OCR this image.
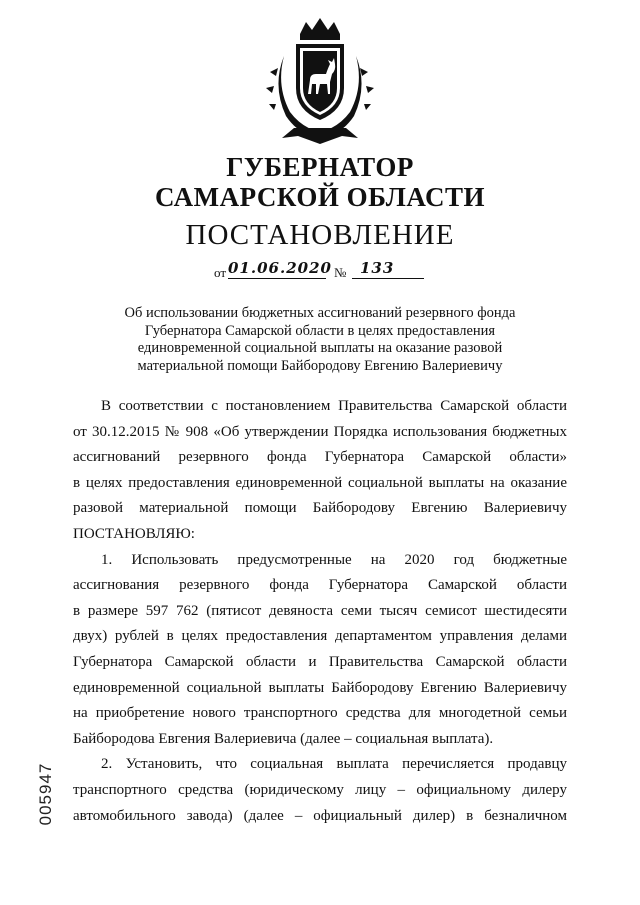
ГУБЕРНАТОР
САМАРСКОЙ ОБЛАСТИ
ПОСТАНОВЛЕНИЕ
от 01.06.2020 № 133
Об использовании бюджетных ассигнований резервного фонда
Губернатора Самарской области в целях предоставления
единовременной социальной выплаты на оказание разовой
материальной помощи Байбородову Евгению Валериевичу

В соответствии с постановлением Правительства Самарской области

от 30.12.2015 № 908 «Об утверждении Порядка использования бюджетных

ассигнований резервного фонда Губернатора Самарской области»

в целях предоставления единовременной социальной выплаты на оказание

разовой материальной помощи Байбородову Евгению Валериевичу

ПОСТАНОВЛЯЮ:

1. Использовать предусмотренные на 2020 год бюджетные

ассигнования резервного фонда Губернатора Самарской области

в размере 597 762 (пятисот девяноста семи тысяч семисот шестидесяти

двух) рублей в целях предоставления департаментом управления делами

Губернатора Самарской области и Правительства Самарской области

единовременной социальной выплаты Байбородову Евгению Валериевичу

на приобретение нового транспортного средства для многодетной семьи

Байбородова Евгения Валериевича (далее – социальная выплата).

2. Установить, что социальная выплата перечисляется продавцу

транспортного средства (юридическому лицу – официальному дилеру

автомобильного завода) (далее – официальный дилер) в безналичном

005947
